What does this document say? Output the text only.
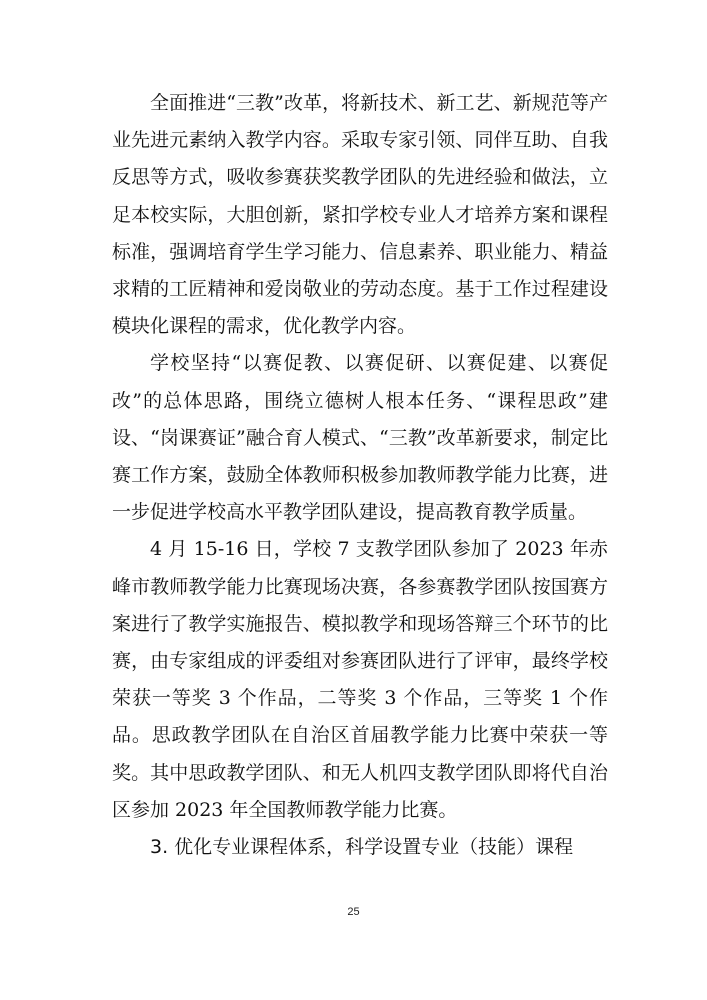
全面推进“三教”改革，将新技术、新工艺、新规范等产业先进元素纳入教学内容。采取专家引领、同伴互助、自我反思等方式，吸收参赛获奖教学团队的先进经验和做法，立足本校实际，大胆创新，紧扣学校专业人才培养方案和课程标准，强调培育学生学习能力、信息素养、职业能力、精益求精的工匠精神和爱岗敬业的劳动态度。基于工作过程建设模块化课程的需求，优化教学内容。

学校坚持“以赛促教、以赛促研、以赛促建、以赛促改”的总体思路，围绕立德树人根本任务、“课程思政”建设、“岗课赛证”融合育人模式、“三教”改革新要求，制定比赛工作方案，鼓励全体教师积极参加教师教学能力比赛，进一步促进学校高水平教学团队建设，提高教育教学质量。

4 月 15-16 日，学校 7 支教学团队参加了 2023 年赤峰市教师教学能力比赛现场决赛，各参赛教学团队按国赛方案进行了教学实施报告、模拟教学和现场答辩三个环节的比赛，由专家组成的评委组对参赛团队进行了评审，最终学校荣获一等奖 3 个作品，二等奖 3 个作品，三等奖 1 个作品。思政教学团队在自治区首届教学能力比赛中荣获一等奖。其中思政教学团队、和无人机四支教学团队即将代自治区参加 2023 年全国教师教学能力比赛。

3. 优化专业课程体系，科学设置专业（技能）课程

25
